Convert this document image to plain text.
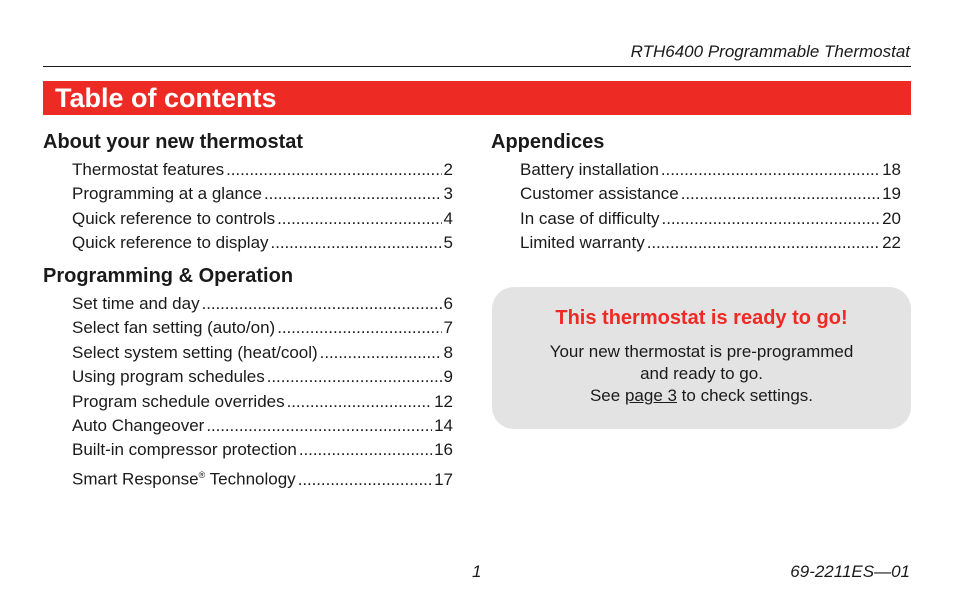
RTH6400 Programmable Thermostat
Table of contents
About your new thermostat
Thermostat features . . .	2
Programming at a glance . . .	3
Quick reference to controls . . .	4
Quick reference to display . . .	5
Programming & Operation
Set time and day . . .	6
Select fan setting (auto/on) . . .	7
Select system setting (heat/cool) . . .	8
Using program schedules . . .	9
Program schedule overrides . . .	12
Auto Changeover . . .	14
Built-in compressor protection . . .	16
Smart Response® Technology . . .	17
Appendices
Battery installation . . .	18
Customer assistance . . .	19
In case of difficulty . . .	20
Limited warranty . . .	22
This thermostat is ready to go!
Your new thermostat is pre-programmed
and ready to go.
See page 3 to check settings.
1	69-2211ES—01
